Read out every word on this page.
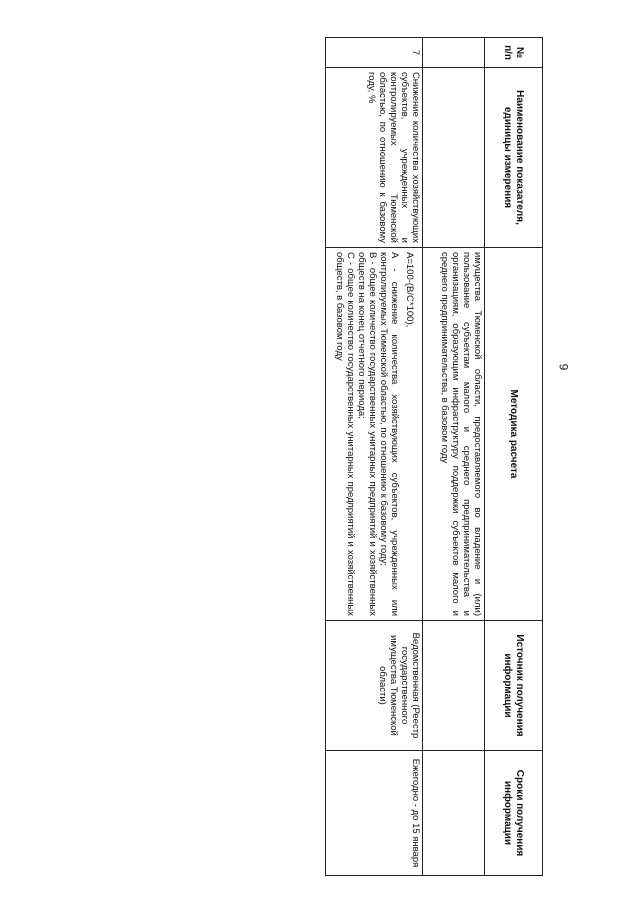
9
№ п/п	Наименование показателя, единицы измерения	Методика расчета	Источник получения информации	Сроки получения информации
		имущества Тюменской области, предоставляемого во владение и (или) пользование субъектам малого и среднего предпринимательства и организациям, образующим инфраструктуру поддержки субъектов малого и среднего предпринимательства, в базовом году		
7	Снижение количества хозяйствующих субъектов, учрежденных и контролируемых Тюменской областью, по отношению к базовому году, %	А=100-(В/С*100),
А - снижение количества хозяйствующих субъектов, учрежденных или контролируемых Тюменской областью, по отношению к базовому году;
В - общее количество государственных унитарных предприятий и хозяйственных обществ на конец отчетного периода;
С - общее количество государственных унитарных предприятий и хозяйственных обществ, в базовом году	Ведомственная (Реестр государственного имущества Тюменской области)	Ежегодно - до 15 января
